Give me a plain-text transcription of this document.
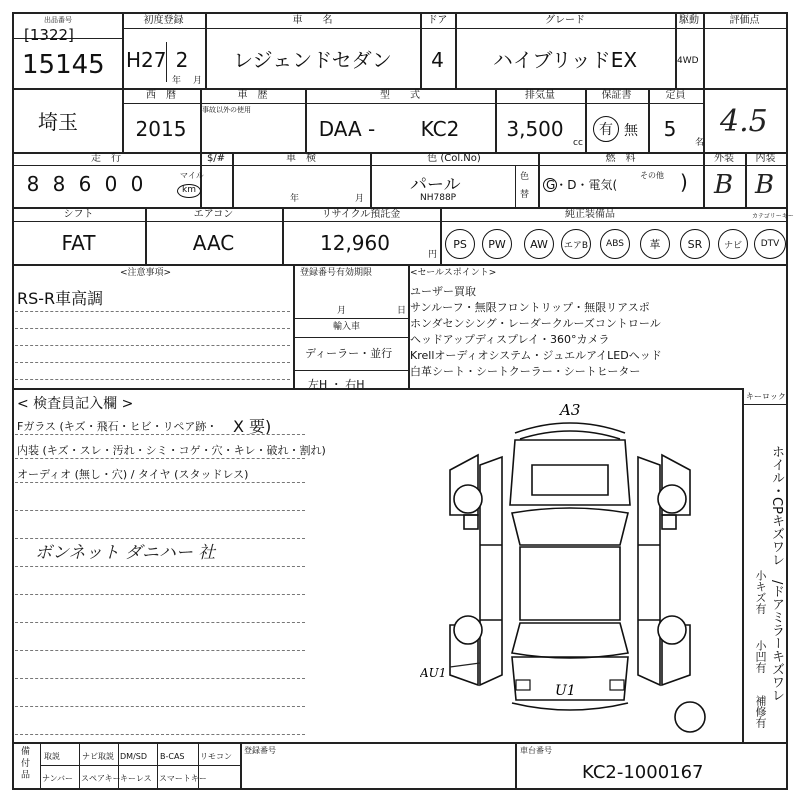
出品番号
[1322]
15145
初度登録
H27 2
年 月
車　　名
レジェンドセダン
ドア
4
グレード
ハイブリッドEX
駆動
4WD
評価点
4.5
埼玉
西　暦
2015
車　歴
事故以外の使用
型　　式
DAA -	KC2
排気量
3,500
cc
保証書
有 無
定員
5
名
走　行
8 8 6 0 0	マイル
km
$/#	車　検
年	月
色 (Col.No)
パール
NH788P
色
替
燃　料
G・D・電気(
その他 )
外装
B
内装
B
シフト
FAT
エアコン
AAC
リサイクル預託金
12,960	円
純正装備品	カテゴリーキー
PS	PW	AW	エアB	ABS	革	SR	ナビ	DTV
<注意事項>
RS-R車高調
登録番号有効期限
月	日
輸入車
ディーラー・並行
左H ・ 右H
<セールスポイント>
ユーザー買取
サンルーフ・無限フロントリップ・無限リアスポ
ホンダセンシング・レーダークルーズコントロール
ヘッドアップディスプレイ・360°カメラ
Krellオーディオシステム・ジュエルアイLEDヘッド
白革シート・シートクーラー・シートヒーター
< 検査員記入欄 >
Fガラス (キズ・飛石・ヒビ・リペア跡・ X 要)
内装 (キズ・スレ・汚れ・シミ・コゲ・穴・キレ・破れ・割れ)
オーディオ (無し・穴) / タイヤ (スタッドレス)
ボンネット ダニハー 社
A3
AU1
U1
キーロック
ホイル・CPキズワレ
小キズ有 /ドアミラーキズワレ
小凹有
補修有
備 付 品 取説	ナビ取説 DM/SD B-CAS リモコン
ナンバー スペアキー キーレス スマートキー
登録番号	車台番号
KC2-1000167
